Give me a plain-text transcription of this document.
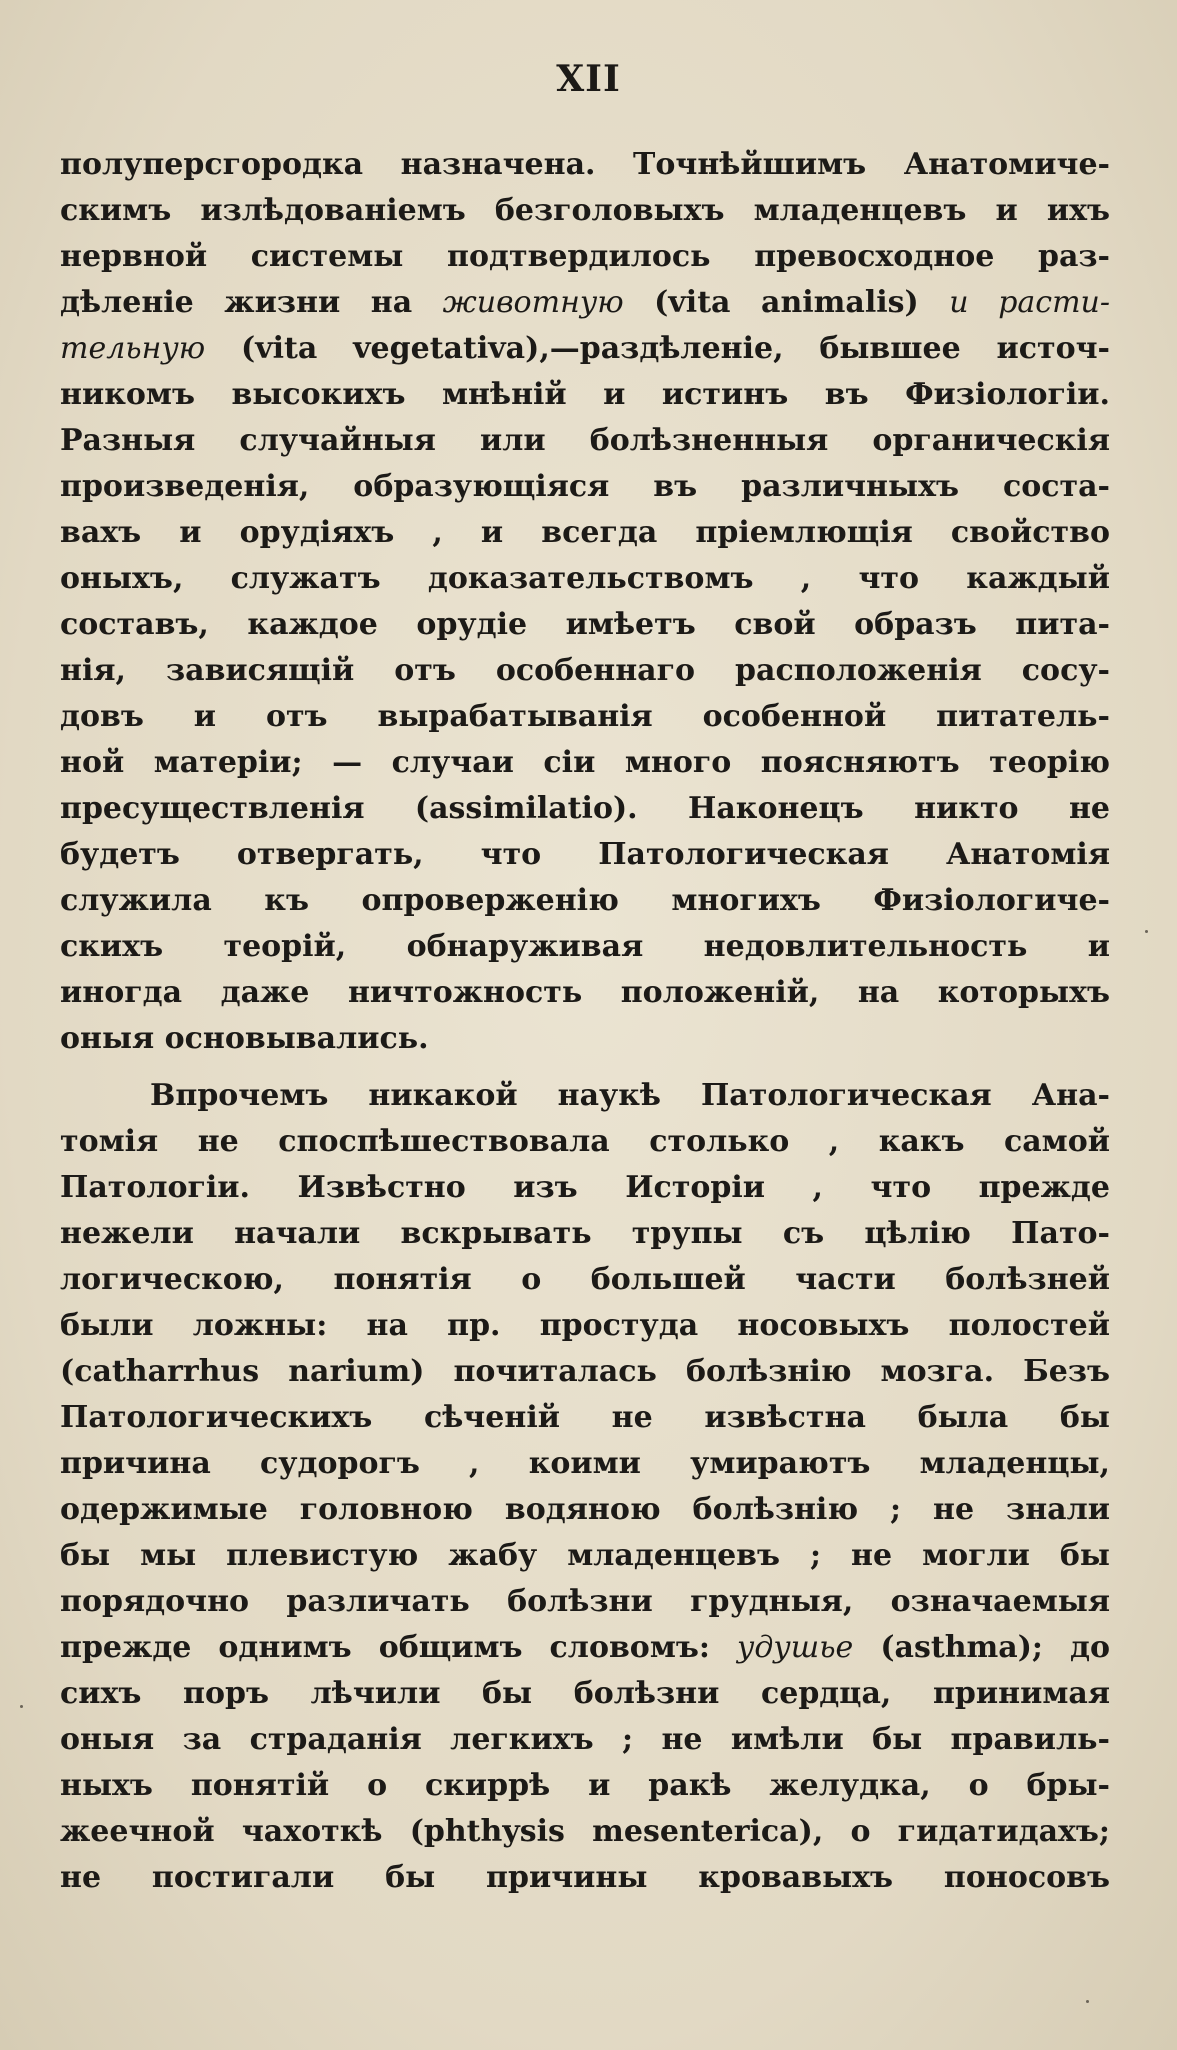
XII
полуперсгородка назначена. Точнѣйшимъ Анатомиче-
скимъ излѣдованіемъ безголовыхъ младенцевъ и ихъ
нервной системы подтвердилось превосходное раз-
дѣленіе жизни на животную (vita animalis) и расти-
тельную (vita vegetativa),—раздѣленіе, бывшее источ-
никомъ высокихъ мнѣній и истинъ въ Физіологіи.
Разныя случайныя или болѣзненныя органическія
произведенія, образующіяся въ различныхъ соста-
вахъ и орудіяхъ , и всегда пріемлющія свойство
оныхъ, служатъ доказательствомъ , что каждый
составъ, каждое орудіе имѣетъ свой образъ пита-
нія, зависящій отъ особеннаго расположенія сосу-
довъ и отъ вырабатыванія особенной питатель-
ной матеріи; — случаи сіи много поясняютъ теорію
пресуществленія (assimilatio). Наконецъ никто не
будетъ отвергать, что Патологическая Анатомія
служила къ опроверженію многихъ Физіологиче-
скихъ теорій, обнаруживая недовлительность и
иногда даже ничтожность положеній, на которыхъ
оныя основывались.
Впрочемъ никакой наукѣ Патологическая Ана-
томія не споспѣшествовала столько , какъ самой
Патологіи. Извѣстно изъ Исторіи , что прежде
нежели начали вскрывать трупы съ цѣлію Пато-
логическою, понятія о большей части болѣзней
были ложны: на пр. простуда носовыхъ полостей
(catharrhus narium) почиталась болѣзнію мозга. Безъ
Патологическихъ сѣченій не извѣстна была бы
причина судорогъ , коими умираютъ младенцы,
одержимые головною водяною болѣзнію ; не знали
бы мы плевистую жабу младенцевъ ; не могли бы
порядочно различать болѣзни грудныя, означаемыя
прежде однимъ общимъ словомъ: удушье (asthma); до
сихъ поръ лѣчили бы болѣзни сердца, принимая
оныя за страданія легкихъ ; не имѣли бы правиль-
ныхъ понятій о скиррѣ и ракѣ желудка, о бры-
жеечной чахоткѣ (phthysis mesenterica), о гидатидахъ;
не постигали бы причины кровавыхъ поносовъ
